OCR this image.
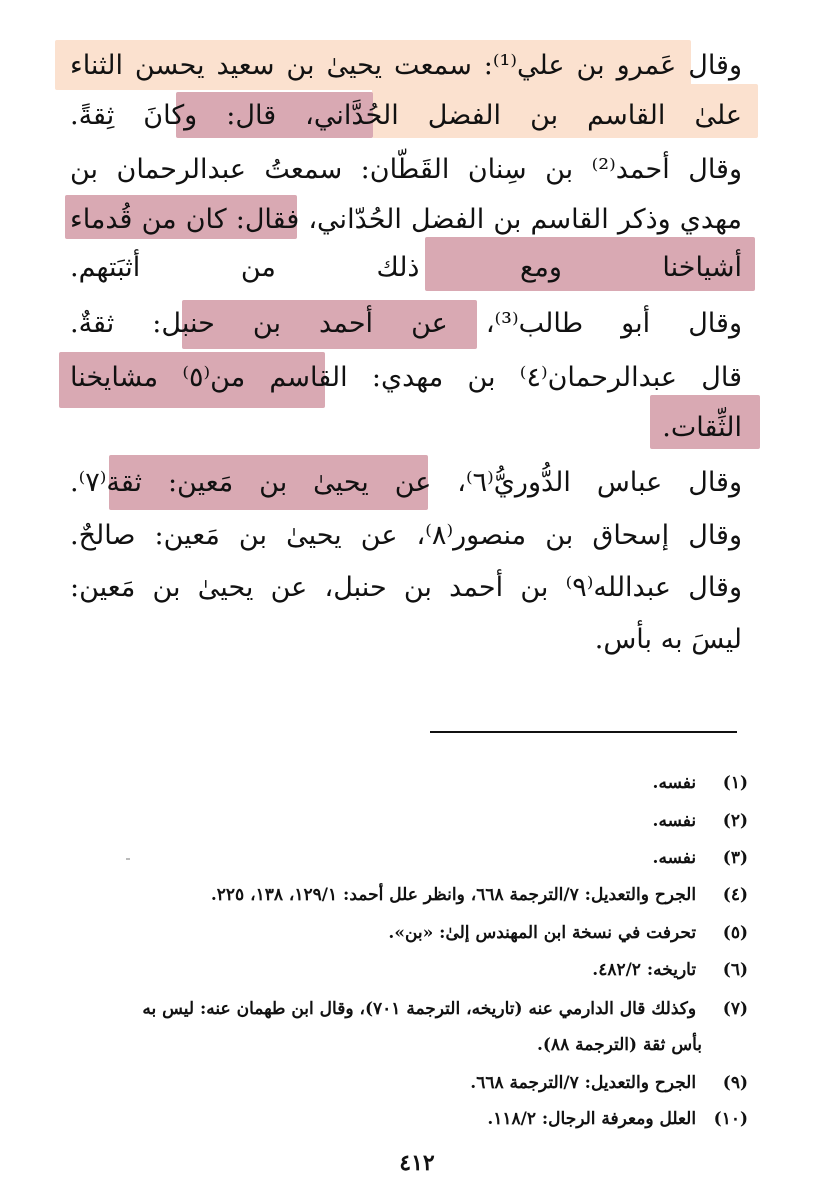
وقال عَمرو بن علي⁽¹⁾: سمعت يحيىٰ بن سعيد يحسن الثناء
علىٰ القاسم بن الفضل الحُدَّاني، قال: وكانَ ثِقةً.
وقال أحمد⁽²⁾ بن سِنان القَطّان: سمعتُ عبدالرحمان بن
مهدي وذكر القاسم بن الفضل الحُدّاني، فقال: كان من قُدماء
أشياخنا ومع ذلك من أثبَتهم.
وقال أبو طالب⁽³⁾، عن أحمد بن حنبل: ثقةٌ.
قال عبدالرحمان⁽٤⁾ بن مهدي: القاسم من⁽٥⁾ مشايخنا
الثِّقات.
وقال عباس الدُّوريُّ⁽٦⁾، عن يحيىٰ بن مَعين: ثقة⁽٧⁾.
وقال إسحاق بن منصور⁽٨⁾، عن يحيىٰ بن مَعين: صالحٌ.
وقال عبدالله⁽٩⁾ بن أحمد بن حنبل، عن يحيىٰ بن مَعين:
ليسَ به بأس.
(١) نفسه.
(٢) نفسه.
(٣) نفسه.
(٤) الجرح والتعديل: ٧/الترجمة ٦٦٨، وانظر علل أحمد: ١٢٩/١، ١٣٨، ٢٢٥.
(٥) تحرفت في نسخة ابن المهندس إلىٰ: «بن».
(٦) تاريخه: ٤٨٢/٢.
(٧) وكذلك قال الدارمي عنه (تاريخه، الترجمة ٧٠١)، وقال ابن طهمان عنه: ليس به
بأس ثقة (الترجمة ٨٨).
(٩) الجرح والتعديل: ٧/الترجمة ٦٦٨.
(١٠) العلل ومعرفة الرجال: ١١٨/٢.
٤١٢
